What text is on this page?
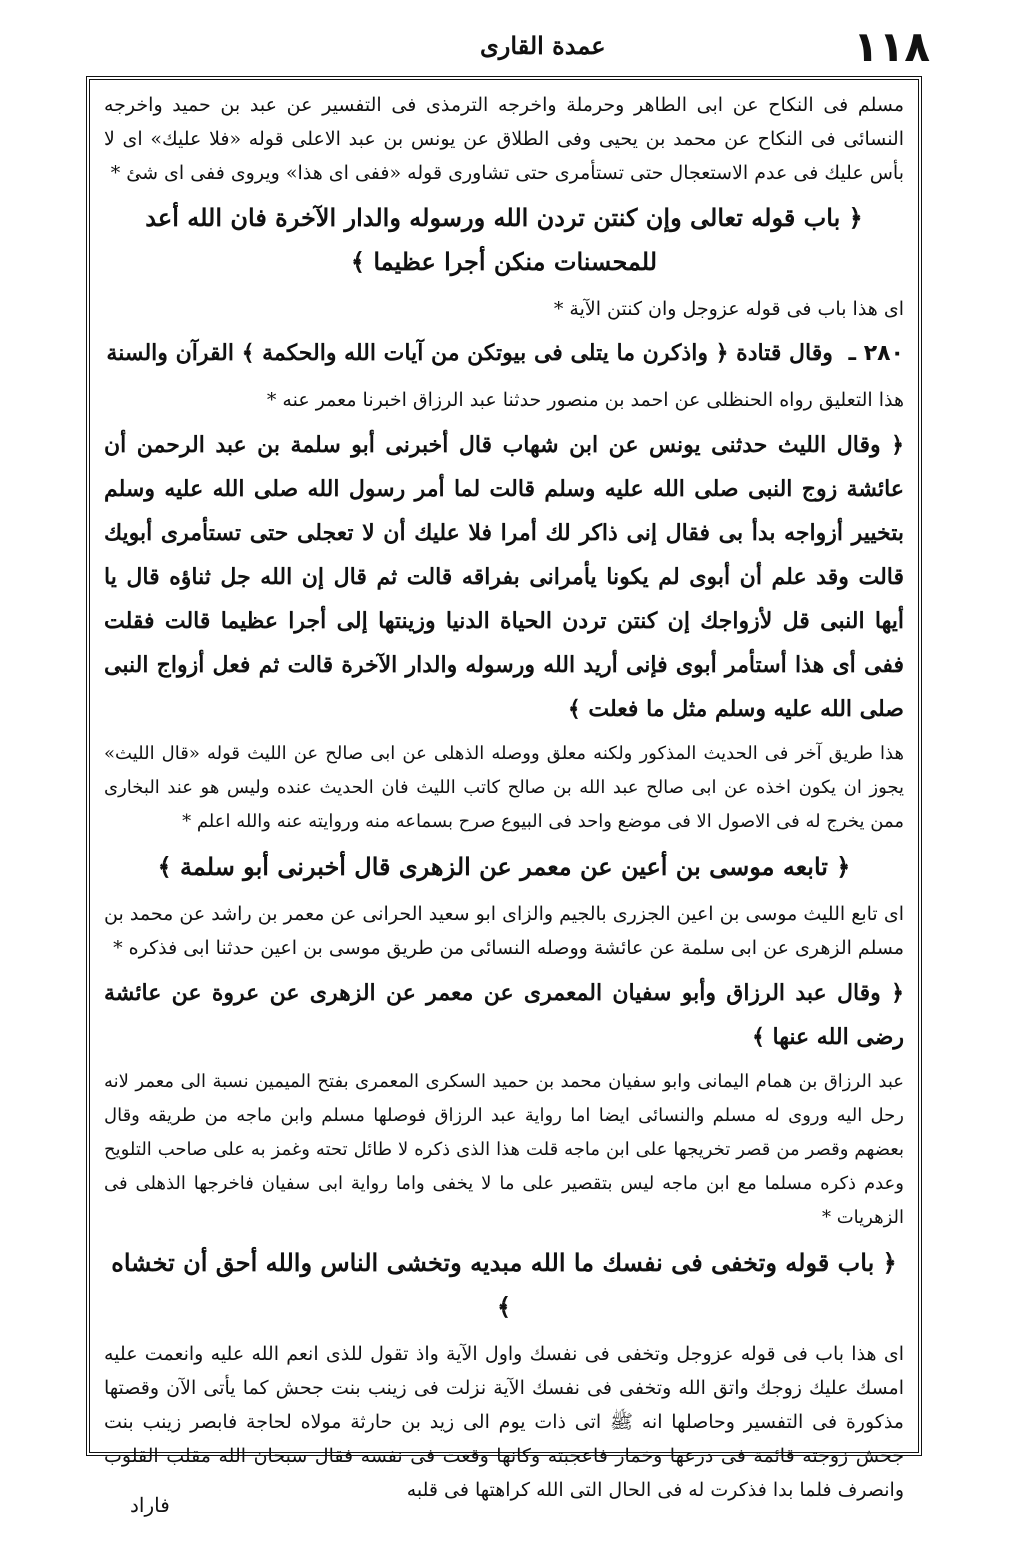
عمدة القارى	١١٨

مسلم فى النكاح عن ابى الطاهر وحرملة واخرجه الترمذى فى التفسير عن عبد بن حميد واخرجه النسائى فى النكاح عن محمد بن يحيى وفى الطلاق عن يونس بن عبد الاعلى قوله «فلا عليك» اى لا بأس عليك فى عدم الاستعجال حتى تستأمرى حتى تشاورى قوله «ففى اى هذا» ويروى ففى اى شئ *

﴿ باب قوله تعالى وإن كنتن تردن الله ورسوله والدار الآخرة فان الله أعد للمحسنات منكن أجرا عظيما ﴾

اى هذا باب فى قوله عزوجل وان كنتن الآية *

٢٨٠ ـ وقال قتادة ﴿ واذكرن ما يتلى فى بيوتكن من آيات الله والحكمة ﴾ القرآن والسنة

هذا التعليق رواه الحنظلى عن احمد بن منصور حدثنا عبد الرزاق اخبرنا معمر عنه *

﴿ وقال الليث حدثنى يونس عن ابن شهاب قال أخبرنى أبو سلمة بن عبد الرحمن أن عائشة زوج النبى صلى الله عليه وسلم قالت لما أمر رسول الله صلى الله عليه وسلم بتخيير أزواجه بدأ بى فقال إنى ذاكر لك أمرا فلا عليك أن لا تعجلى حتى تستأمرى أبويك قالت وقد علم أن أبوى لم يكونا يأمرانى بفراقه قالت ثم قال إن الله جل ثناؤه قال يا أيها النبى قل لأزواجك إن كنتن تردن الحياة الدنيا وزينتها إلى أجرا عظيما قالت فقلت ففى أى هذا أستأمر أبوى فإنى أريد الله ورسوله والدار الآخرة قالت ثم فعل أزواج النبى صلى الله عليه وسلم مثل ما فعلت ﴾

هذا طريق آخر فى الحديث المذكور ولكنه معلق ووصله الذهلى عن ابى صالح عن الليث قوله «قال الليث» يجوز ان يكون اخذه عن ابى صالح عبد الله بن صالح كاتب الليث فان الحديث عنده وليس هو عند البخارى ممن يخرج له فى الاصول الا فى موضع واحد فى البيوع صرح بسماعه منه وروايته عنه والله اعلم *

﴿ تابعه موسى بن أعين عن معمر عن الزهرى قال أخبرنى أبو سلمة ﴾

اى تابع الليث موسى بن اعين الجزرى بالجيم والزاى ابو سعيد الحرانى عن معمر بن راشد عن محمد بن مسلم الزهرى عن ابى سلمة عن عائشة ووصله النسائى من طريق موسى بن اعين حدثنا ابى فذكره *

﴿ وقال عبد الرزاق وأبو سفيان المعمرى عن معمر عن الزهرى عن عروة عن عائشة رضى الله عنها ﴾

عبد الرزاق بن همام اليمانى وابو سفيان محمد بن حميد السكرى المعمرى بفتح الميمين نسبة الى معمر لانه رحل اليه وروى له مسلم والنسائى ايضا اما رواية عبد الرزاق فوصلها مسلم وابن ماجه من طريقه وقال بعضهم وقصر من قصر تخريجها على ابن ماجه قلت هذا الذى ذكره لا طائل تحته وغمز به على صاحب التلويح وعدم ذكره مسلما مع ابن ماجه ليس بتقصير على ما لا يخفى واما رواية ابى سفيان فاخرجها الذهلى فى الزهريات *

﴿ باب قوله وتخفى فى نفسك ما الله مبديه وتخشى الناس والله أحق أن تخشاه ﴾

اى هذا باب فى قوله عزوجل وتخفى فى نفسك واول الآية واذ تقول للذى انعم الله عليه وانعمت عليه امسك عليك زوجك واتق الله وتخفى فى نفسك الآية نزلت فى زينب بنت جحش كما يأتى الآن وقصتها مذكورة فى التفسير وحاصلها انه ﷺ اتى ذات يوم الى زيد بن حارثة مولاه لحاجة فابصر زينب بنت جحش زوجته قائمة فى درعها وخمار فاعجبته وكانها وقعت فى نفسه فقال سبحان الله مقلب القلوب وانصرف فلما بدا فذكرت له فى الحال التى الله كراهتها فى قلبه

فاراد
